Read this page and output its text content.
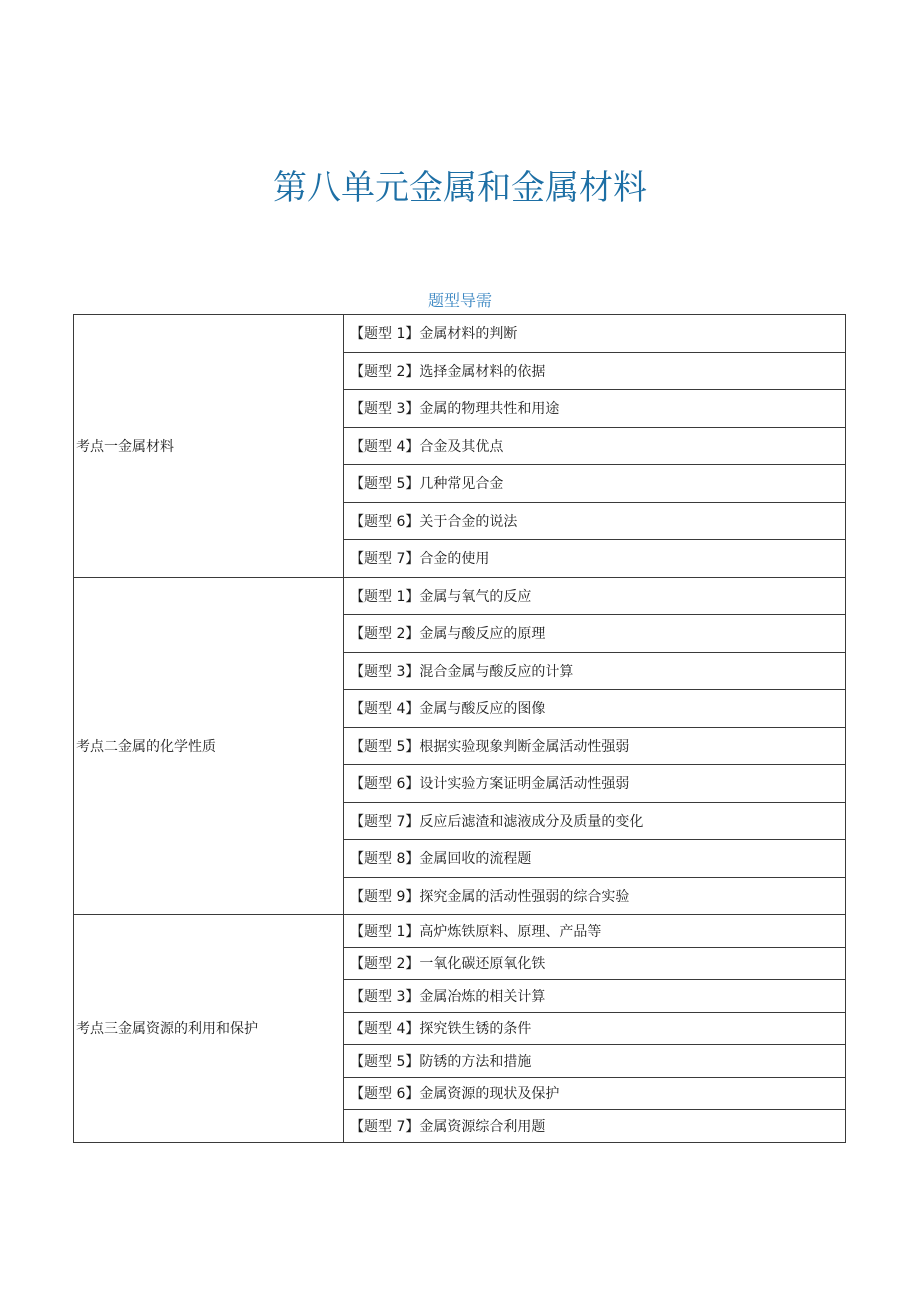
第八单元金属和金属材料
题型导需
考点一金属材料	【题型 1】金属材料的判断
	【题型 2】选择金属材料的依据
	【题型 3】金属的物理共性和用途
	【题型 4】合金及其优点
	【题型 5】几种常见合金
	【题型 6】关于合金的说法
	【题型 7】合金的使用
考点二金属的化学性质	【题型 1】金属与氧气的反应
	【题型 2】金属与酸反应的原理
	【题型 3】混合金属与酸反应的计算
	【题型 4】金属与酸反应的图像
	【题型 5】根据实验现象判断金属活动性强弱
	【题型 6】设计实验方案证明金属活动性强弱
	【题型 7】反应后滤渣和滤液成分及质量的变化
	【题型 8】金属回收的流程题
	【题型 9】探究金属的活动性强弱的综合实验
考点三金属资源的利用和保护	【题型 1】高炉炼铁原料、原理、产品等
	【题型 2】一氧化碳还原氧化铁
	【题型 3】金属冶炼的相关计算
	【题型 4】探究铁生锈的条件
	【题型 5】防锈的方法和措施
	【题型 6】金属资源的现状及保护
	【题型 7】金属资源综合利用题
